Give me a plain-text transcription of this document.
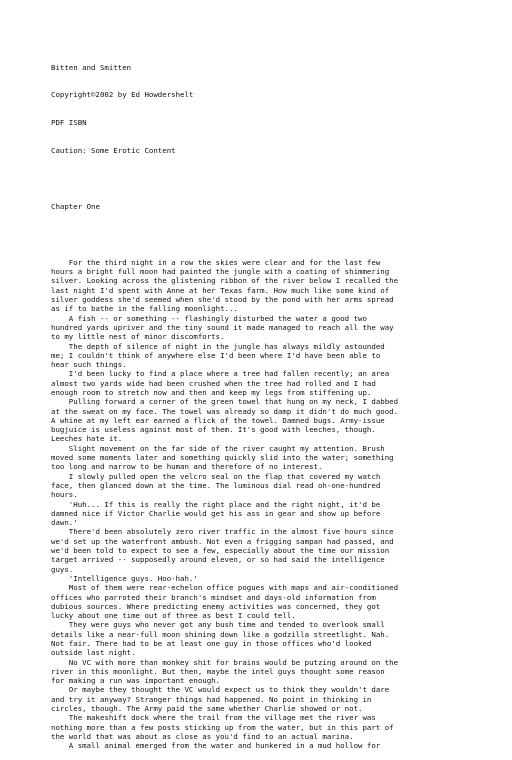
Bitten and Smitten

Copyright©2002 by Ed Howdershelt

PDF ISBN

Caution: Some Erotic Content

Chapter One

For the third night in a row the skies were clear and for the last few
hours a bright full moon had painted the jungle with a coating of shimmering
silver. Looking across the glistening ribbon of the river below I recalled the
last night I'd spent with Anne at her Texas farm. How much like some kind of
silver goddess she'd seemed when she'd stood by the pond with her arms spread
as if to bathe in the falling moonlight...
A fish -- or something -- flashingly disturbed the water a good two
hundred yards upriver and the tiny sound it made managed to reach all the way
to my little nest of minor discomforts.
The depth of silence of night in the jungle has always mildly astounded
me; I couldn't think of anywhere else I'd been where I'd have been able to
hear such things.
I'd been lucky to find a place where a tree had fallen recently; an area
almost two yards wide had been crushed when the tree had rolled and I had
enough room to stretch now and then and keep my legs from stiffening up.
Pulling forward a corner of the green towel that hung on my neck, I dabbed
at the sweat on my face. The towel was already so damp it didn't do much good.
A whine at my left ear earned a flick of the towel. Damned bugs. Army-issue
bugjuice is useless against most of them. It's good with leeches, though.
Leeches hate it.
Slight movement on the far side of the river caught my attention. Brush
moved some moments later and something quickly slid into the water; something
too long and narrow to be human and therefore of no interest.
I slowly pulled open the velcro seal on the flap that covered my watch
face, then glanced down at the time. The luminous dial read oh-one-hundred
hours.
'Huh... If this is really the right place and the right night, it'd be
damned nice if Victor Charlie would get his ass in gear and show up before
dawn.'
There'd been absolutely zero river traffic in the almost five hours since
we'd set up the waterfront ambush. Not even a frigging sampan had passed, and
we'd been told to expect to see a few, especially about the time our mission
target arrived -- supposedly around eleven, or so had said the intelligence
guys.
'Intelligence guys. Hoo-hah.'
Most of them were rear-echelon office pogues with maps and air-conditioned
offices who parroted their branch's mindset and days-old information from
dubious sources. Where predicting enemy activities was concerned, they got
lucky about one time out of three as best I could tell.
They were guys who never got any bush time and tended to overlook small
details like a near-full moon shining down like a godzilla streetlight. Nah.
Not fair. There had to be at least one guy in those offices who'd looked
outside last night.
No VC with more than monkey shit for brains would be putzing around on the
river in this moonlight. But then, maybe the intel guys thought some reason
for making a run was important enough.
Or maybe they thought the VC would expect us to think they wouldn't dare
and try it anyway? Stranger things had happened. No point in thinking in
circles, though. The Army paid the same whether Charlie showed or not.
The makeshift dock where the trail from the village met the river was
nothing more than a few posts sticking up from the water, but in this part of
the world that was about as close as you'd find to an actual marina.
A small animal emerged from the water and hunkered in a mud hollow for
